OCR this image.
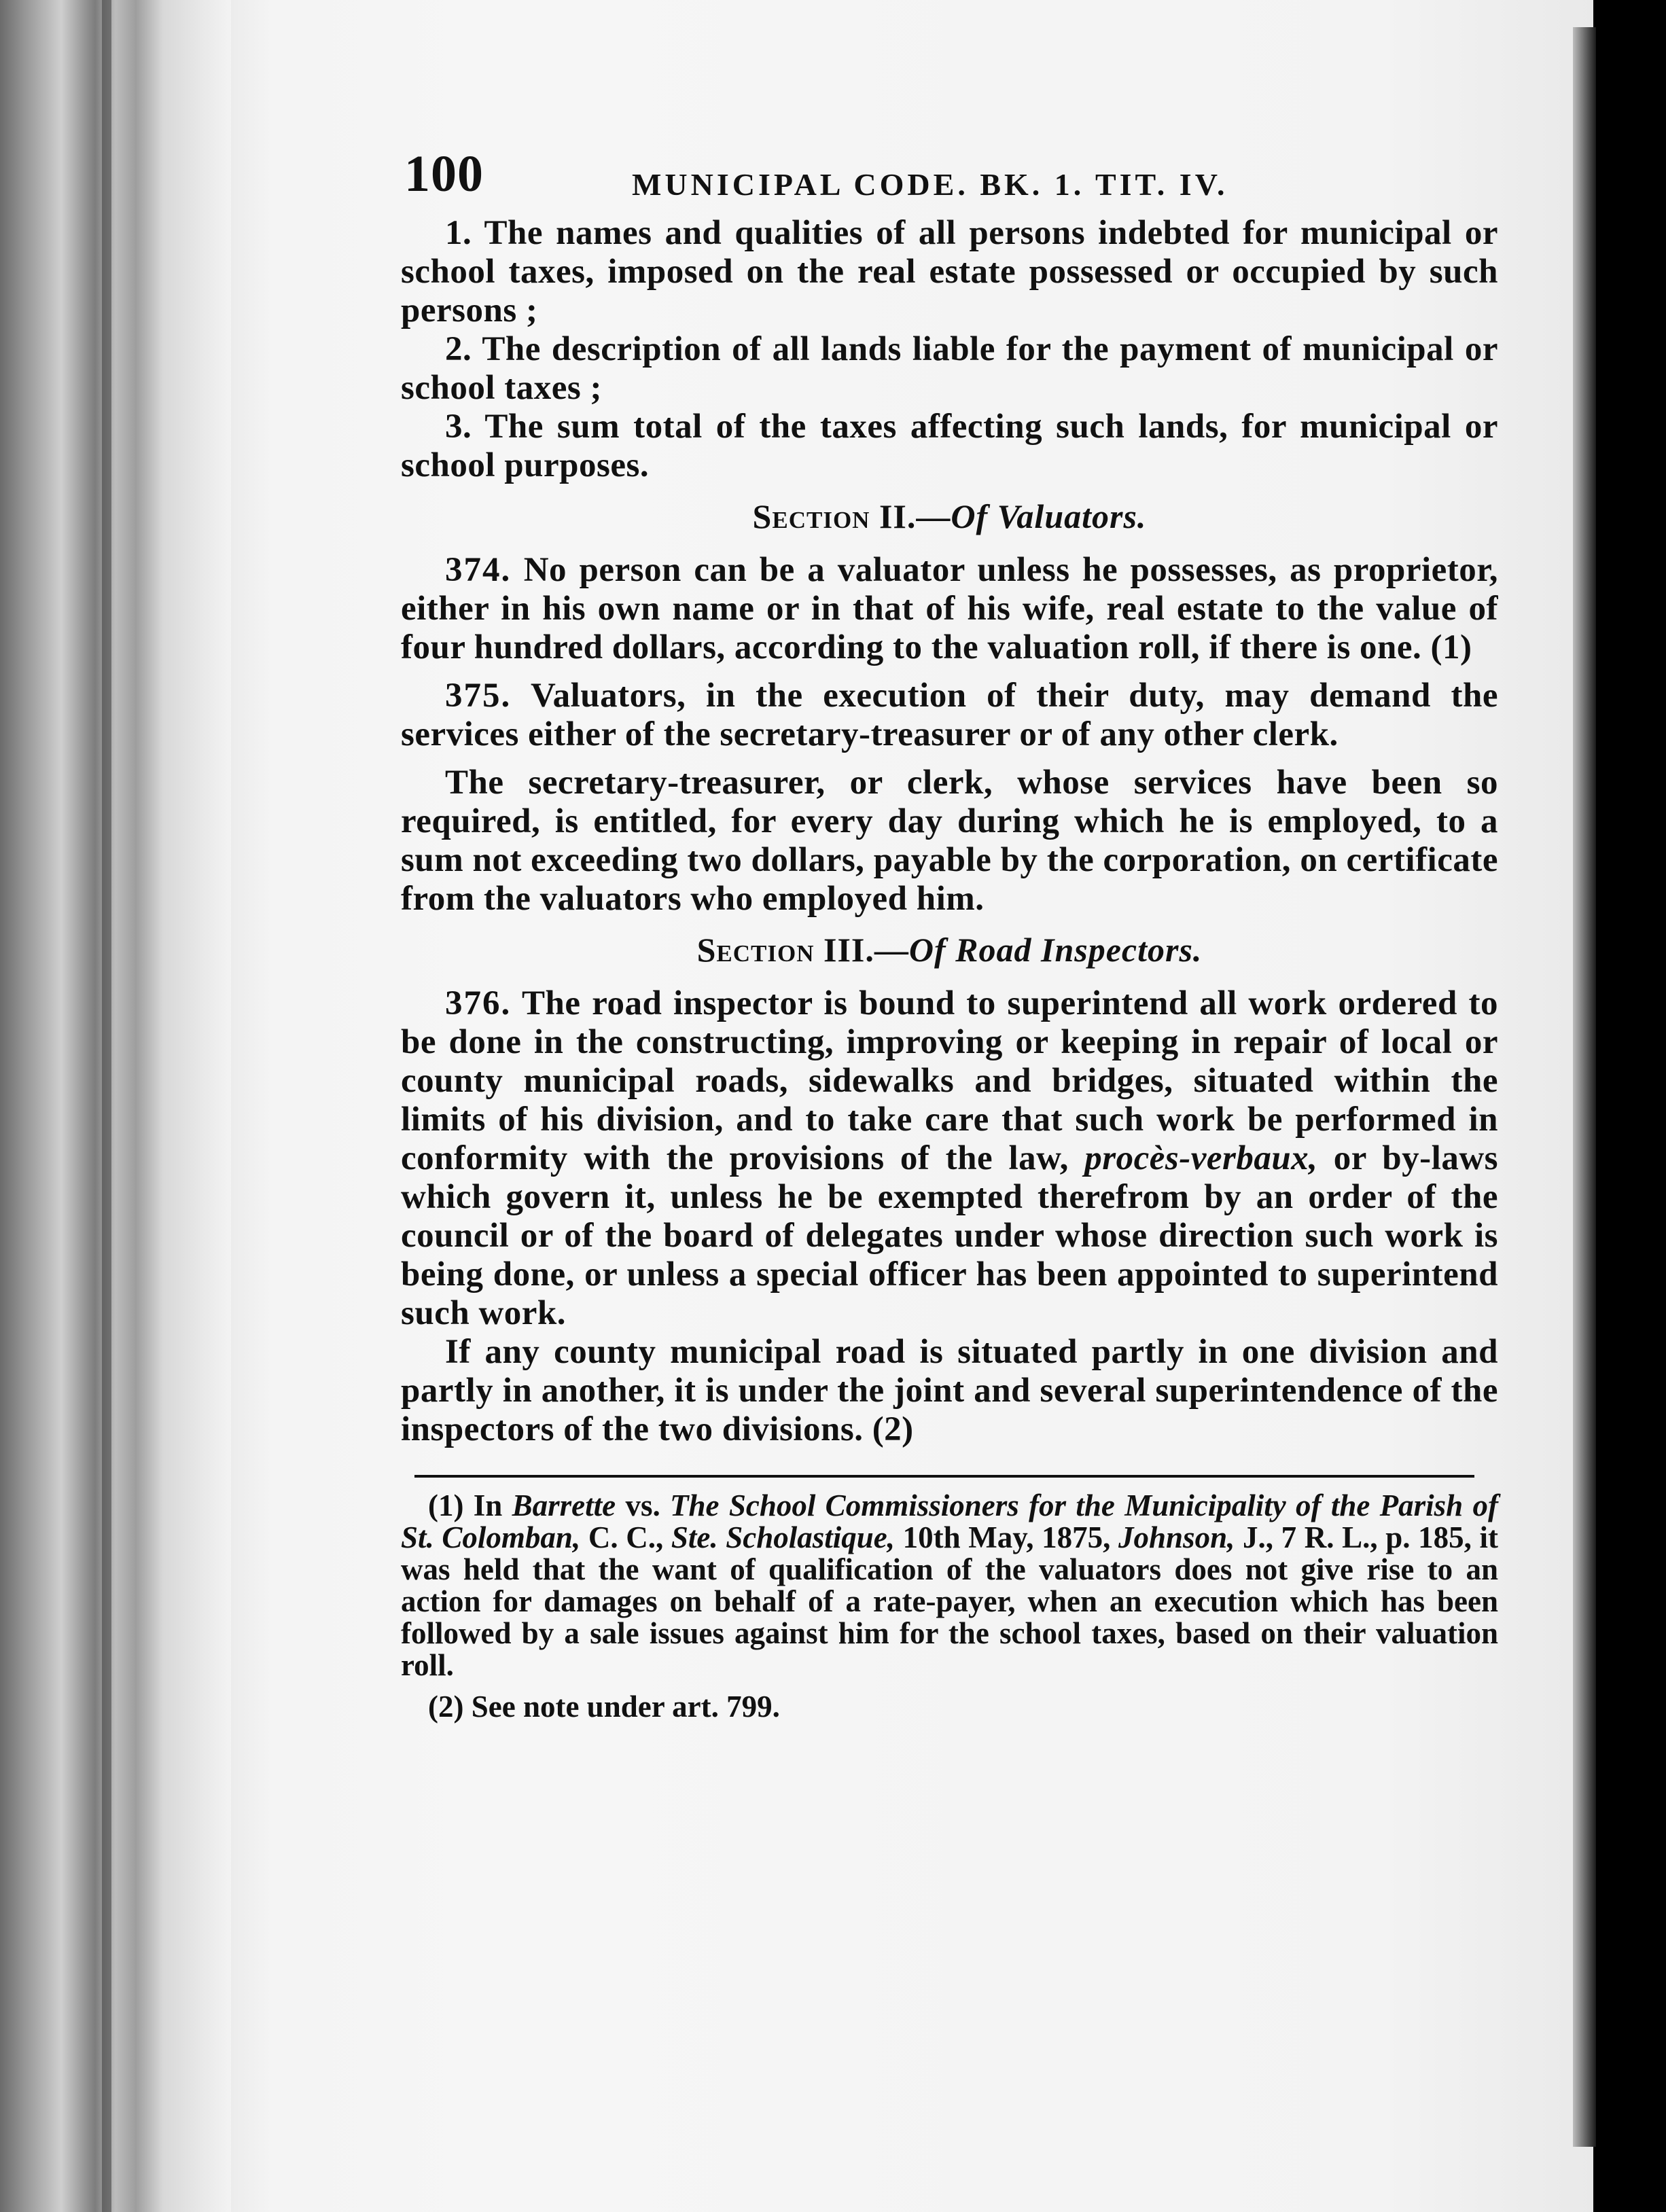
100	MUNICIPAL CODE. BK. 1. TIT. IV.

1. The names and qualities of all persons indebted for municipal or school taxes, imposed on the real estate possessed or occupied by such persons ;

2. The description of all lands liable for the payment of municipal or school taxes ;

3. The sum total of the taxes affecting such lands, for municipal or school purposes.

Section II.—Of Valuators.

374. No person can be a valuator unless he possesses, as proprietor, either in his own name or in that of his wife, real estate to the value of four hundred dollars, according to the valuation roll, if there is one. (1)

375. Valuators, in the execution of their duty, may demand the services either of the secretary-treasurer or of any other clerk.

The secretary-treasurer, or clerk, whose services have been so required, is entitled, for every day during which he is employed, to a sum not exceeding two dollars, payable by the corporation, on certificate from the valuators who employed him.

Section III.—Of Road Inspectors.

376. The road inspector is bound to superintend all work ordered to be done in the constructing, improving or keeping in repair of local or county municipal roads, sidewalks and bridges, situated within the limits of his division, and to take care that such work be performed in conformity with the provisions of the law, procès-verbaux, or by-laws which govern it, unless he be exempted therefrom by an order of the council or of the board of delegates under whose direction such work is being done, or unless a special officer has been appointed to superintend such work.

If any county municipal road is situated partly in one division and partly in another, it is under the joint and several superintendence of the inspectors of the two divisions. (2)

(1) In Barrette vs. The School Commissioners for the Municipality of the Parish of St. Colomban, C. C., Ste. Scholastique, 10th May, 1875, Johnson, J., 7 R. L., p. 185, it was held that the want of qualification of the valuators does not give rise to an action for damages on behalf of a rate-payer, when an execution which has been followed by a sale issues against him for the school taxes, based on their valuation roll.

(2) See note under art. 799.
